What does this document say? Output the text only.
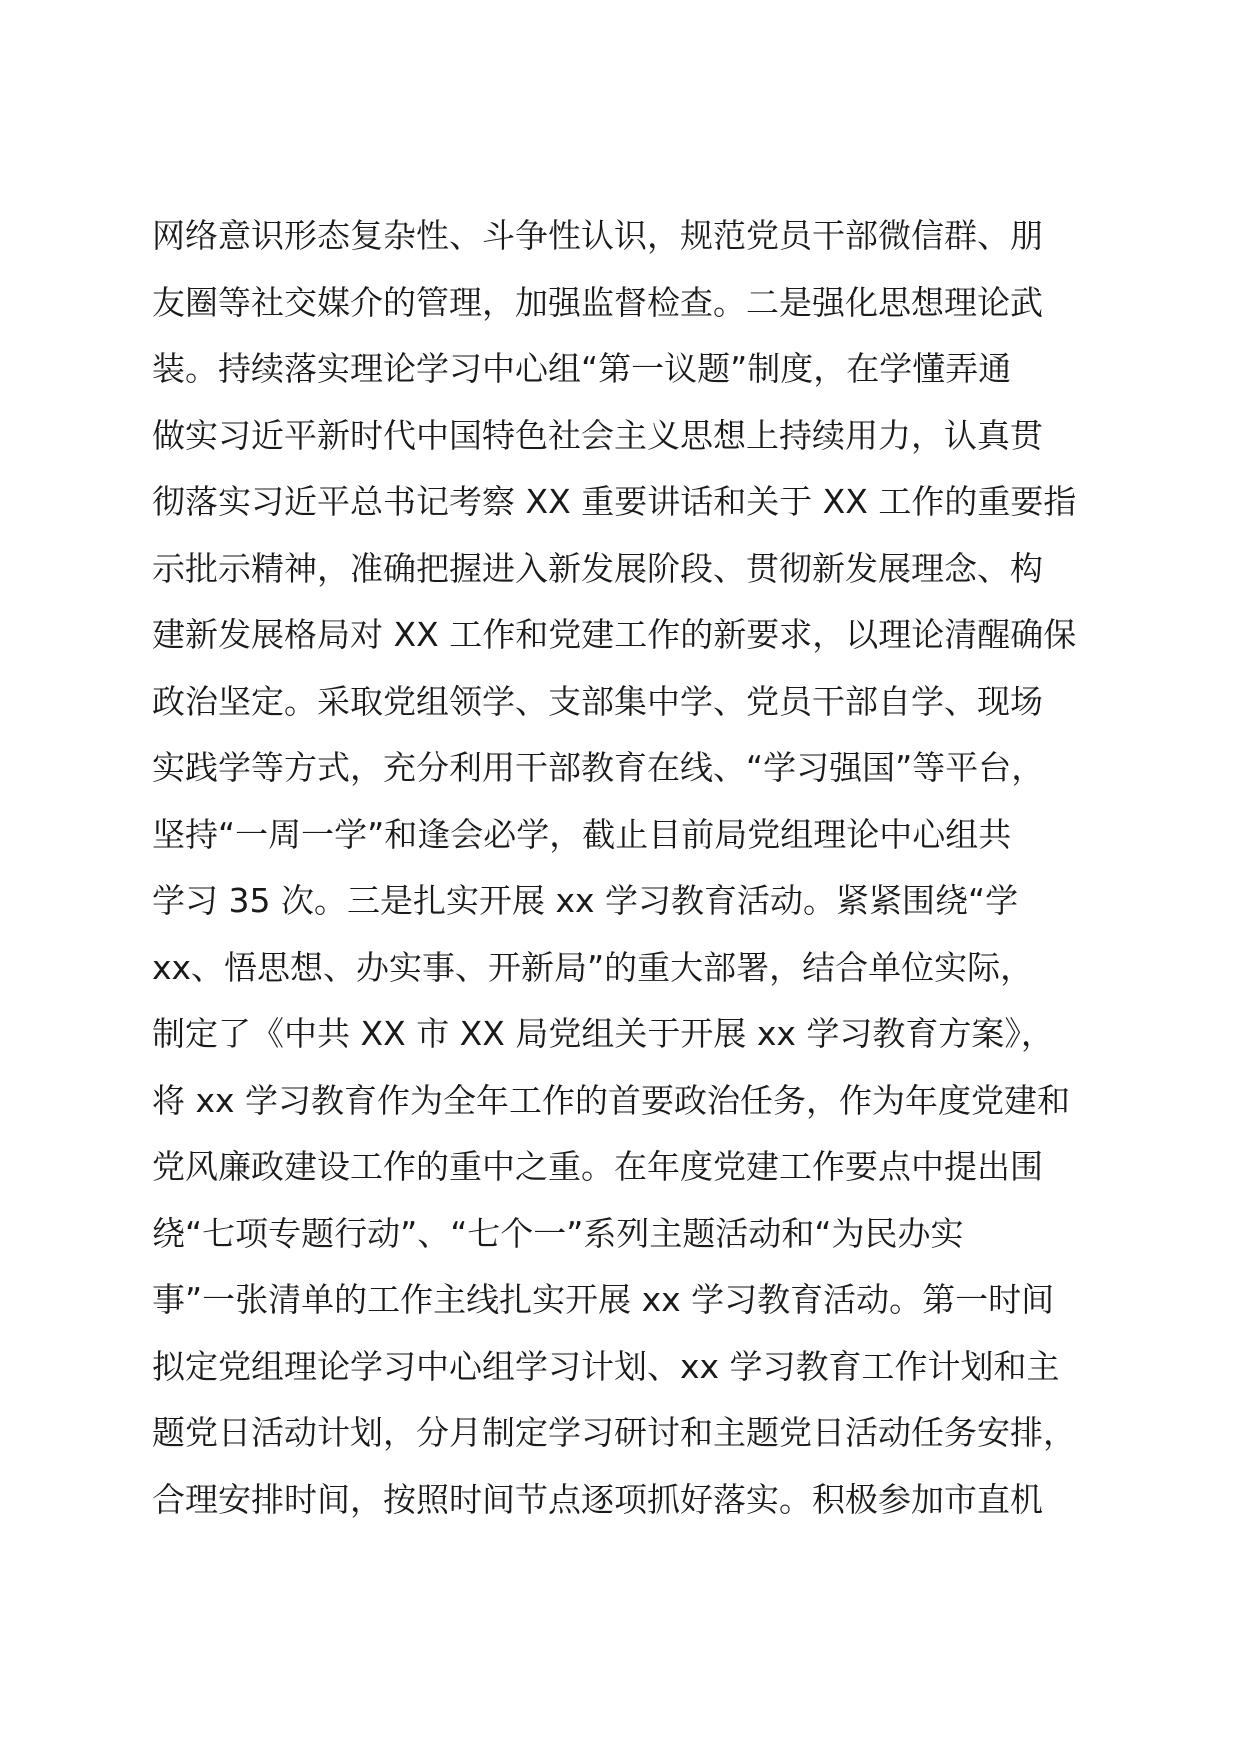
网络意识形态复杂性、斗争性认识，规范党员干部微信群、朋
友圈等社交媒介的管理，加强监督检查。二是强化思想理论武
装。持续落实理论学习中心组“第一议题”制度，在学懂弄通
做实习近平新时代中国特色社会主义思想上持续用力，认真贯
彻落实习近平总书记考察 XX 重要讲话和关于 XX 工作的重要指
示批示精神，准确把握进入新发展阶段、贯彻新发展理念、构
建新发展格局对 XX 工作和党建工作的新要求，以理论清醒确保
政治坚定。采取党组领学、支部集中学、党员干部自学、现场
实践学等方式，充分利用干部教育在线、“学习强国”等平台，
坚持“一周一学”和逢会必学，截止目前局党组理论中心组共
学习 35 次。三是扎实开展 xx 学习教育活动。紧紧围绕“学
xx、悟思想、办实事、开新局”的重大部署，结合单位实际，
制定了《中共 XX 市 XX 局党组关于开展 xx 学习教育方案》，
将 xx 学习教育作为全年工作的首要政治任务，作为年度党建和
党风廉政建设工作的重中之重。在年度党建工作要点中提出围
绕“七项专题行动”、“七个一”系列主题活动和“为民办实
事”一张清单的工作主线扎实开展 xx 学习教育活动。第一时间
拟定党组理论学习中心组学习计划、xx 学习教育工作计划和主
题党日活动计划，分月制定学习研讨和主题党日活动任务安排，
合理安排时间，按照时间节点逐项抓好落实。积极参加市直机
